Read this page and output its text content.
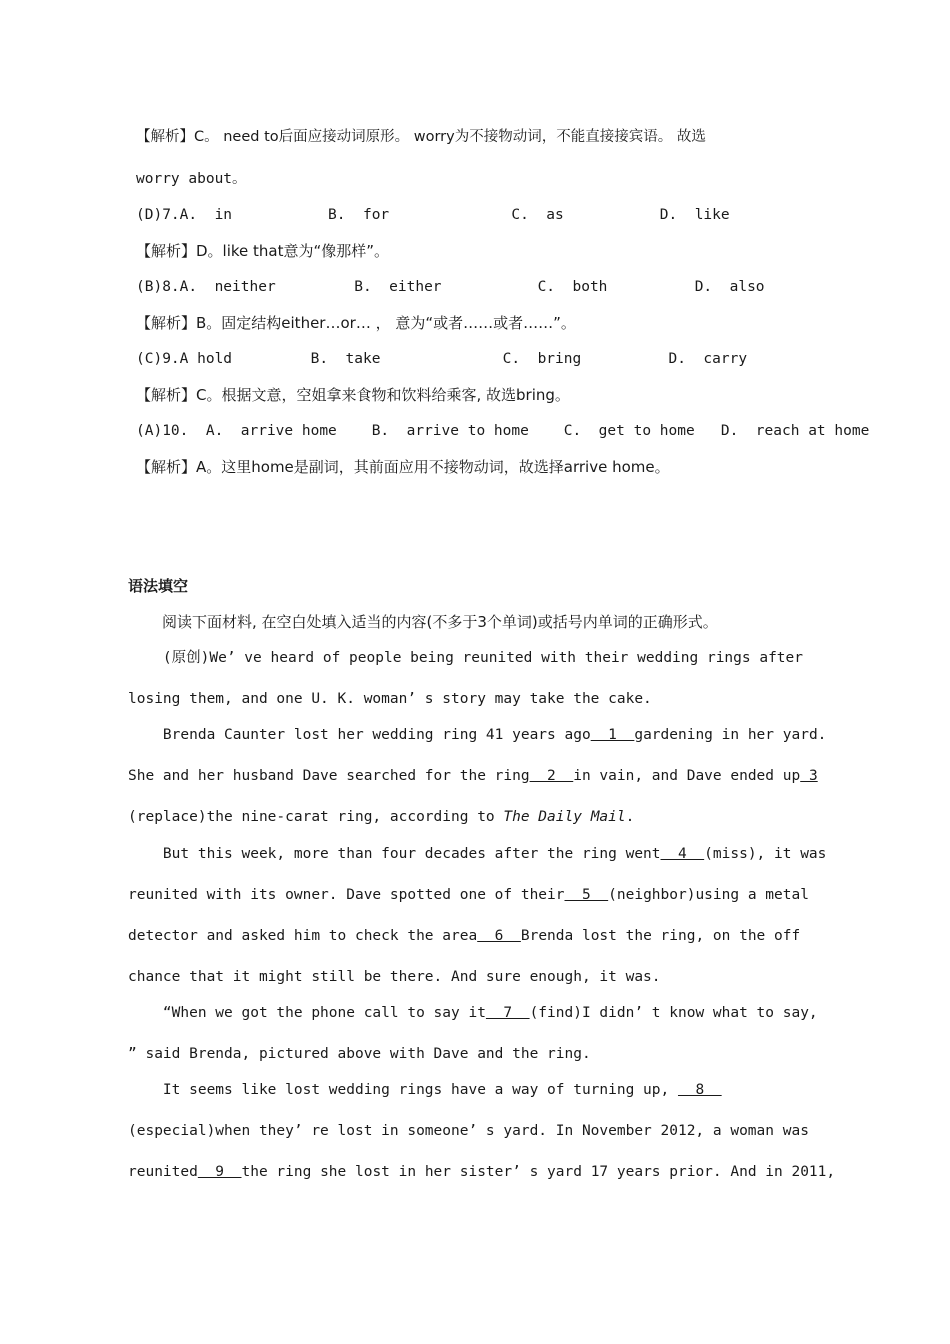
【解析】C。 need to后面应接动词原形。 worry为不接物动词，不能直接接宾语。 故选
worry about。
(D)7.A.  in           B.  for              C.  as           D.  like
【解析】D。like that意为“像那样”。
(B)8.A.  neither         B.  either           C.  both          D.  also
【解析】B。固定结构either…or… ， 意为“或者……或者……”。
(C)9.A hold         B.  take              C.  bring          D.  carry
【解析】C。根据文意，空姐拿来食物和饮料给乘客, 故选bring。
(A)10.  A.  arrive home    B.  arrive to home    C.  get to home   D.  reach at home
【解析】A。这里home是副词，其前面应用不接物动词，故选择arrive home。
语法填空
阅读下面材料, 在空白处填入适当的内容(不多于3个单词)或括号内单词的正确形式。
(原创)We’ ve heard of people being reunited with their wedding rings after
losing them, and one U. K. woman’ s story may take the cake.
Brenda Caunter lost her wedding ring 41 years ago  1  gardening in her yard.
She and her husband Dave searched for the ring  2  in vain, and Dave ended up 3
(replace)the nine-carat ring, according to The Daily Mail.
But this week, more than four decades after the ring went  4  (miss), it was
reunited with its owner. Dave spotted one of their  5  (neighbor)using a metal
detector and asked him to check the area  6  Brenda lost the ring, on the off
chance that it might still be there. And sure enough, it was.
“When we got the phone call to say it  7  (find)I didn’ t know what to say,
” said Brenda, pictured above with Dave and the ring.
It seems like lost wedding rings have a way of turning up,   8
(especial)when they’ re lost in someone’ s yard. In November 2012, a woman was
reunited  9  the ring she lost in her sister’ s yard 17 years prior. And in 2011,
